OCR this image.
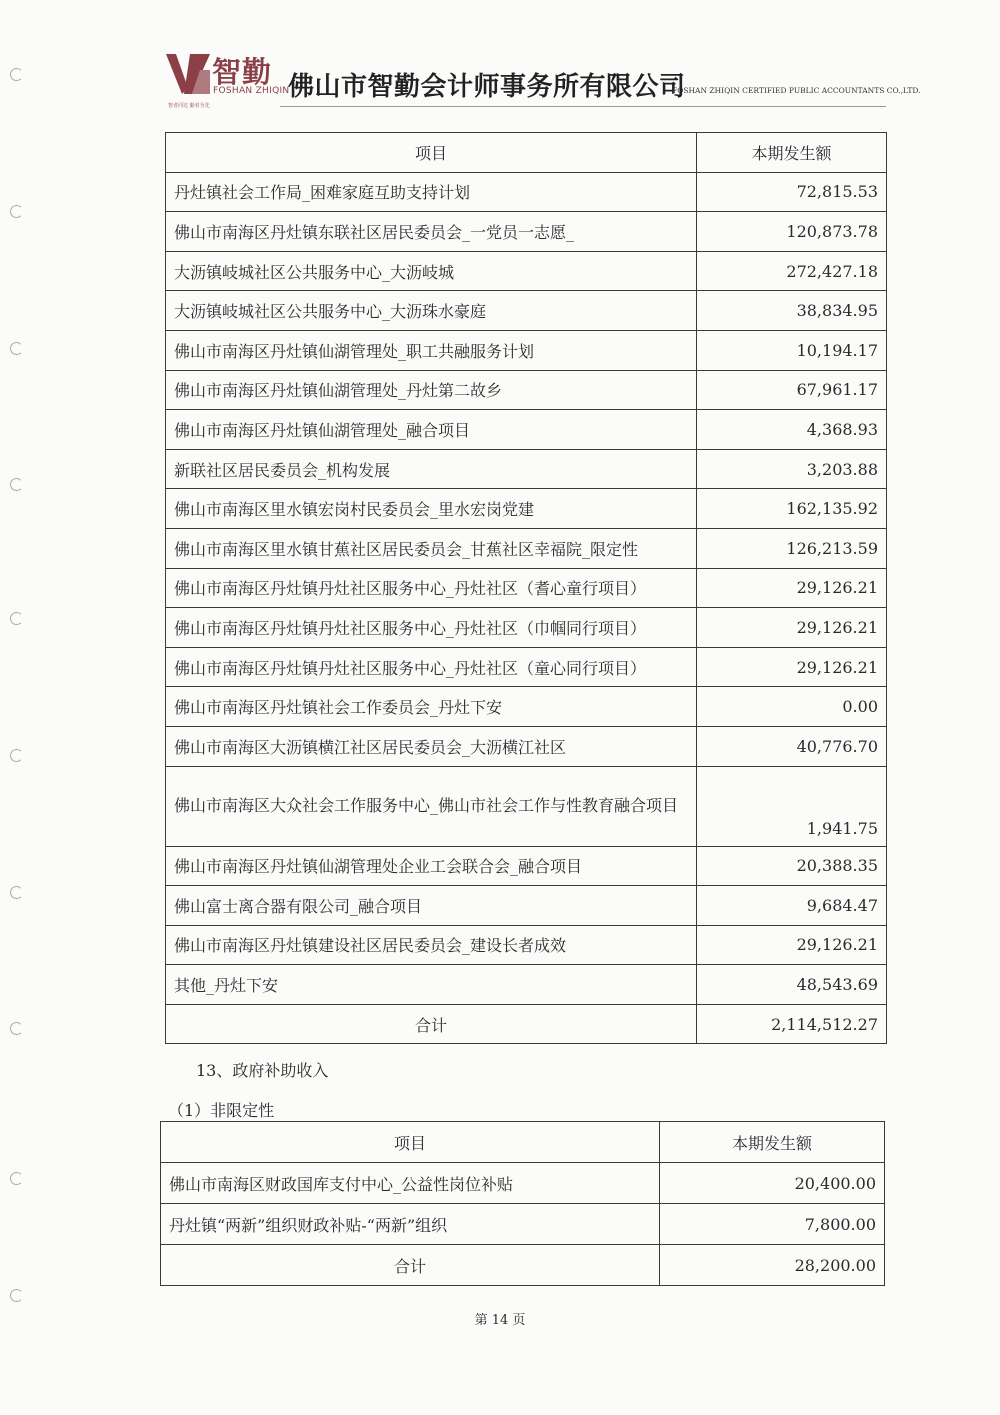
智勤
FOSHAN ZHIQIN
智者同达 勤者为先
佛山市智勤会计师事务所有限公司
FOSHAN ZHIQIN CERTIFIED PUBLIC ACCOUNTANTS CO.,LTD.
项目	本期发生额
丹灶镇社会工作局_困难家庭互助支持计划	72,815.53
佛山市南海区丹灶镇东联社区居民委员会_一党员一志愿_	120,873.78
大沥镇岐城社区公共服务中心_大沥岐城	272,427.18
大沥镇岐城社区公共服务中心_大沥珠水豪庭	38,834.95
佛山市南海区丹灶镇仙湖管理处_职工共融服务计划	10,194.17
佛山市南海区丹灶镇仙湖管理处_丹灶第二故乡	67,961.17
佛山市南海区丹灶镇仙湖管理处_融合项目	4,368.93
新联社区居民委员会_机构发展	3,203.88
佛山市南海区里水镇宏岗村民委员会_里水宏岗党建	162,135.92
佛山市南海区里水镇甘蕉社区居民委员会_甘蕉社区幸福院_限定性	126,213.59
佛山市南海区丹灶镇丹灶社区服务中心_丹灶社区（耆心童行项目）	29,126.21
佛山市南海区丹灶镇丹灶社区服务中心_丹灶社区（巾帼同行项目）	29,126.21
佛山市南海区丹灶镇丹灶社区服务中心_丹灶社区（童心同行项目）	29,126.21
佛山市南海区丹灶镇社会工作委员会_丹灶下安	0.00
佛山市南海区大沥镇横江社区居民委员会_大沥横江社区	40,776.70
佛山市南海区大众社会工作服务中心_佛山市社会工作与性教育融合项目	1,941.75
佛山市南海区丹灶镇仙湖管理处企业工会联合会_融合项目	20,388.35
佛山富士离合器有限公司_融合项目	9,684.47
佛山市南海区丹灶镇建设社区居民委员会_建设长者成效	29,126.21
其他_丹灶下安	48,543.69
合计	2,114,512.27
13、政府补助收入
（1）非限定性
项目	本期发生额
佛山市南海区财政国库支付中心_公益性岗位补贴	20,400.00
丹灶镇“两新”组织财政补贴-“两新”组织	7,800.00
合计	28,200.00
第 14 页
